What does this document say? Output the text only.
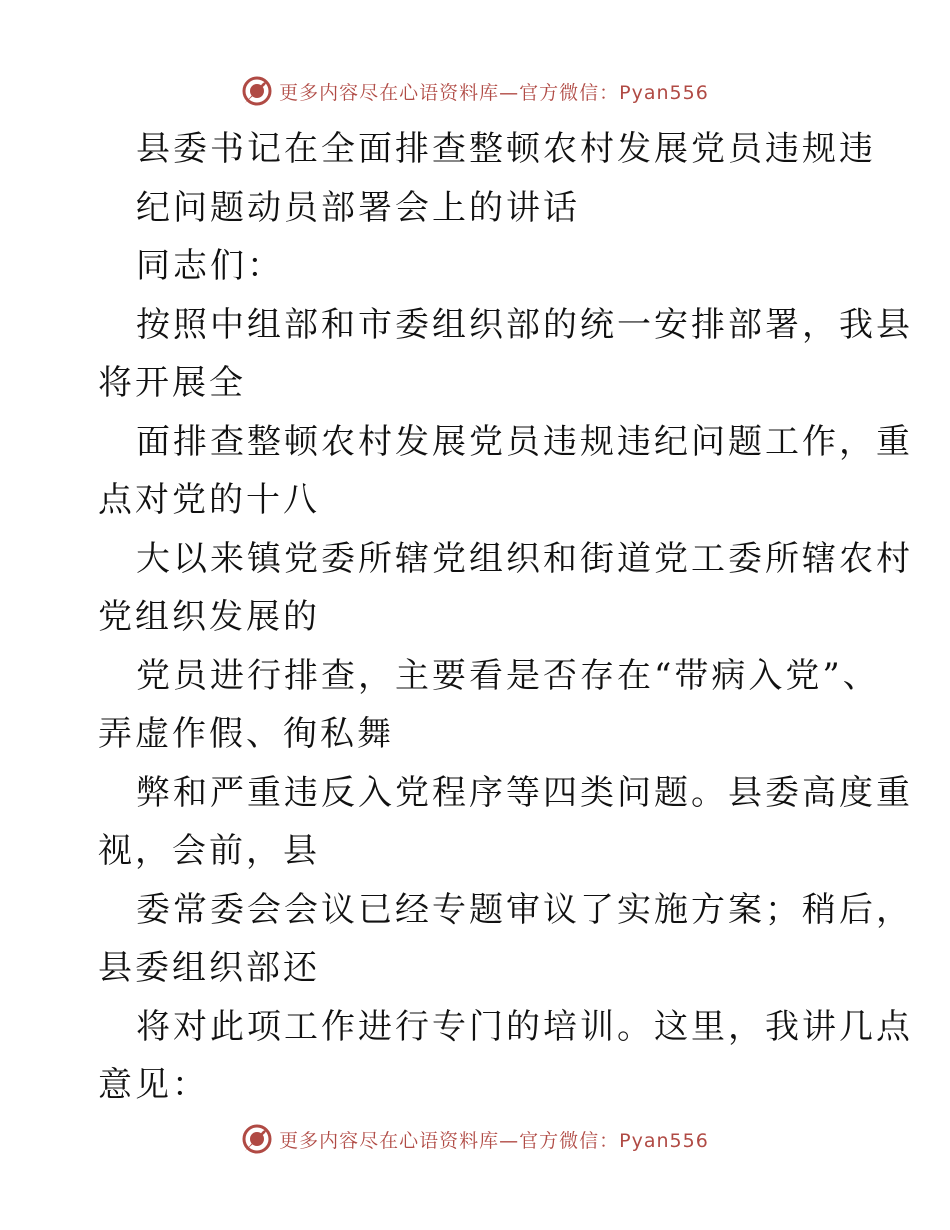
更多内容尽在心语资料库—官方微信：Pyan556
县委书记在全面排查整顿农村发展党员违规违
纪问题动员部署会上的讲话
同志们：
按照中组部和市委组织部的统一安排部署，我县
将开展全
面排查整顿农村发展党员违规违纪问题工作，重
点对党的十八
大以来镇党委所辖党组织和街道党工委所辖农村
党组织发展的
党员进行排查，主要看是否存在“带病入党”、
弄虚作假、徇私舞
弊和严重违反入党程序等四类问题。县委高度重
视，会前，县
委常委会会议已经专题审议了实施方案；稍后，
县委组织部还
将对此项工作进行专门的培训。这里，我讲几点
意见：
更多内容尽在心语资料库—官方微信：Pyan556
